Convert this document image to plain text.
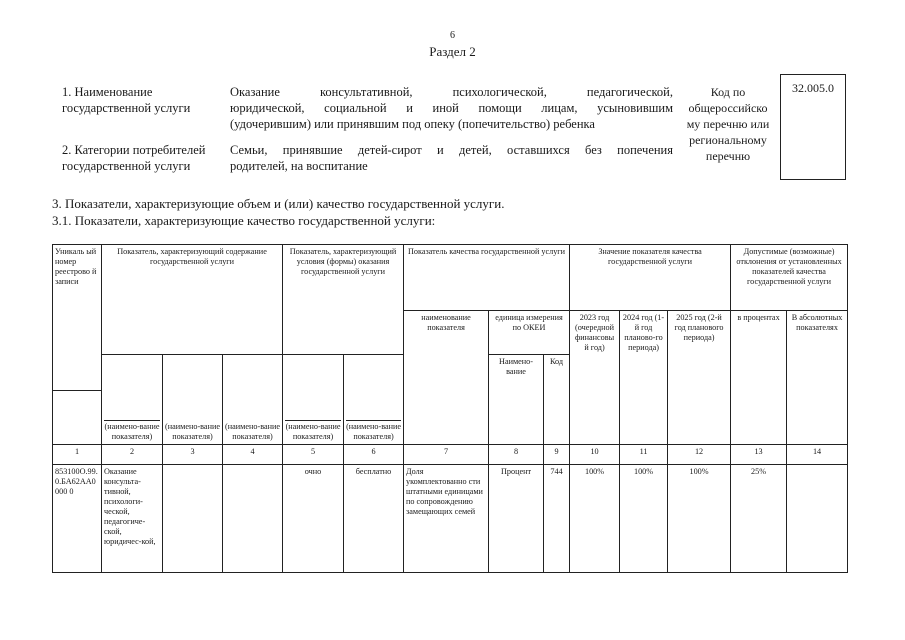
6
Раздел 2
1. Наименование
государственной услуги
Оказание консультативной, психологической, педагогической,
юридической, социальной и иной помощи лицам, усыновившим
(удочерившим) или принявшим под опеку (попечительство) ребенка
2. Категории потребителей
государственной услуги
Семьи, принявшие детей-сирот и детей, оставшихся без попечения
родителей, на воспитание
Код по
общероссийско
му перечню или
региональному
перечню
32.005.0
3. Показатели, характеризующие объем и (или) качество государственной услуги.
3.1. Показатели, характеризующие качество государственной услуги:
Уникаль ый номер реестрово й записи	Показатель, характеризующий содержание государственной услуги			Показатель, характеризующий условия (формы) оказания государственной услуги		Показатель качества государственной услуги			Значение показателя качества государственной услуги			Допустимые (возможные) отклонения от установленных показателей качества государственной услуги	
						наименование показателя	единица измерения по ОКЕИ		2023 год (очередной финансовы й год)	2024 год (1-й год планово-го периода)	2025 год (2-й год планового периода)	в процентах	В абсолютных показателях
	(наимено-вание показателя)	(наимено-вание показателя)	(наимено-вание показателя)	(наимено-вание показателя)	(наимено-вание показателя)		Наимено-вание	Код					

1	2	3	4	5	6	7	8	9	10	11	12	13	14
853100О.99.0.БА62АА0000 0	Оказание консульта-тивной, психологи-ческой, педагогиче-ской, юридичес-кой,			очно	бесплатно	Доля укомплектованно сти штатными единицами по сопровождению замещающих семей	Процент	744	100%	100%	100%	25%	
